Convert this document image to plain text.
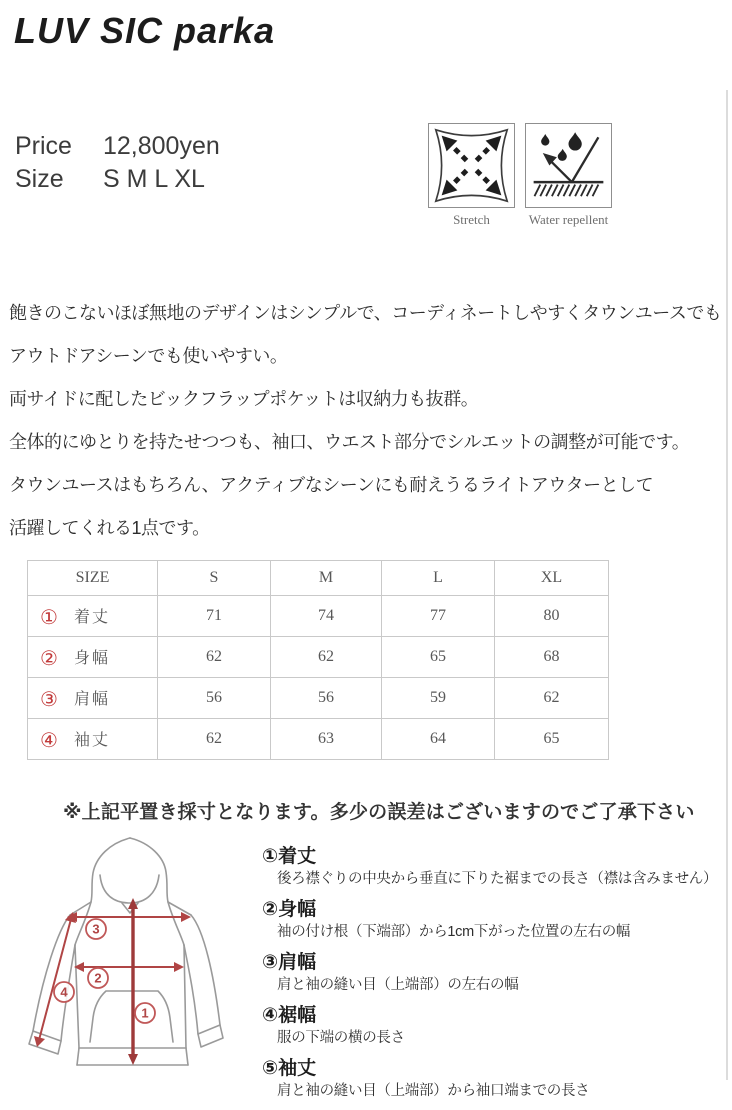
LUV SIC parka
Price 12,800yen
Size S M L XL
Stretch	Water repellent
飽きのこないほぼ無地のデザインはシンプルで、コーディネートしやすくタウンユースでも
アウトドアシーンでも使いやすい。
両サイドに配したビックフラップポケットは収納力も抜群。
全体的にゆとりを持たせつつも、袖口、ウエスト部分でシルエットの調整が可能です。
タウンユースはもちろん、アクティブなシーンにも耐えうるライトアウターとして
活躍してくれる1点です。
SIZE	S	M	L	XL
① 着丈	71	74	77	80
② 身幅	62	62	65	68
③ 肩幅	56	56	59	62
④ 袖丈	62	63	64	65
※上記平置き採寸となります。多少の誤差はございますのでご了承下さい
3
2
4
1
①着丈
後ろ襟ぐりの中央から垂直に下りた裾までの長さ（襟は含みません）
②身幅
袖の付け根（下端部）から1cm下がった位置の左右の幅
③肩幅
肩と袖の縫い目（上端部）の左右の幅
④裾幅
服の下端の横の長さ
⑤袖丈
肩と袖の縫い目（上端部）から袖口端までの長さ
